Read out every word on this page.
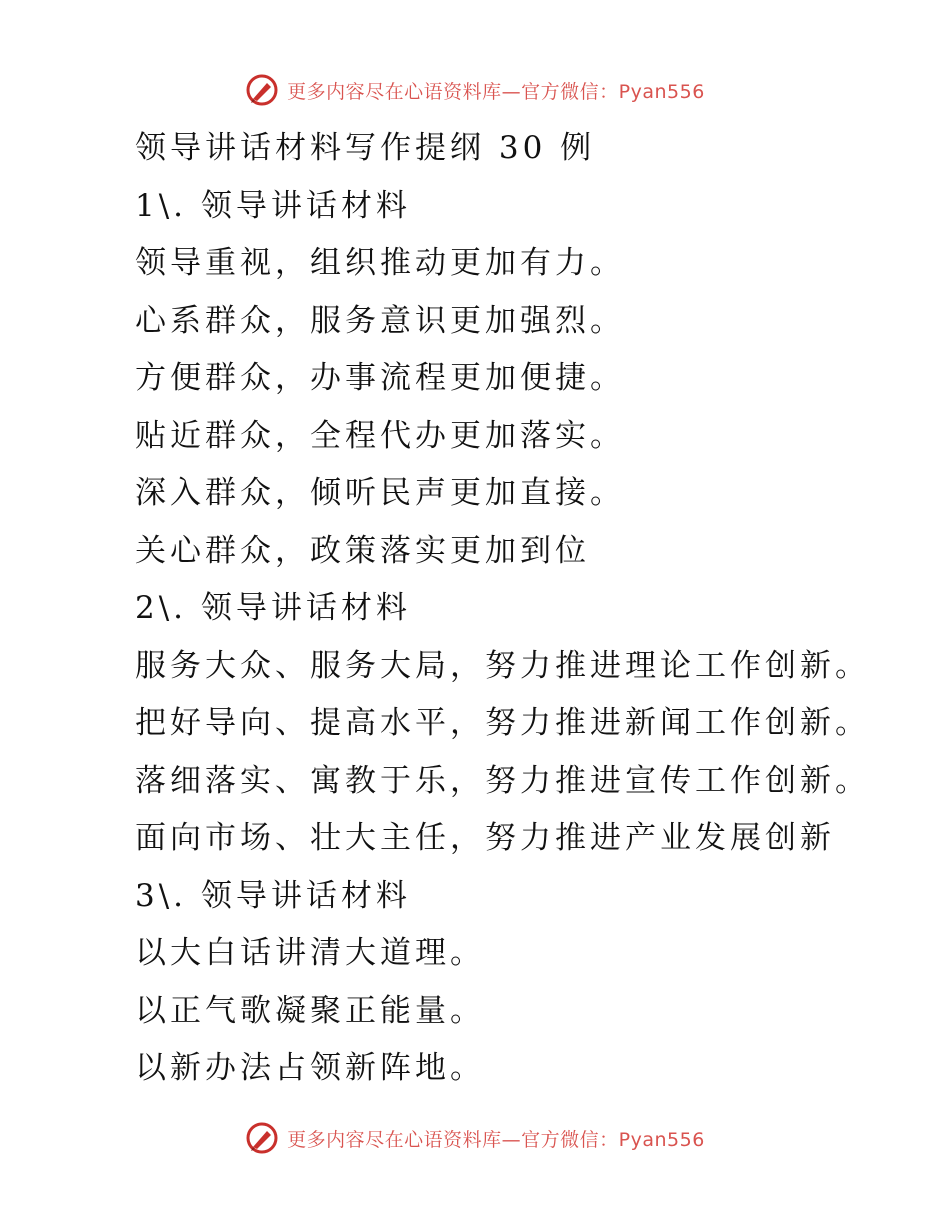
更多内容尽在心语资料库—官方微信：Pyan556
领导讲话材料写作提纲 30 例
1\. 领导讲话材料
领导重视，组织推动更加有力。
心系群众，服务意识更加强烈。
方便群众，办事流程更加便捷。
贴近群众，全程代办更加落实。
深入群众，倾听民声更加直接。
关心群众，政策落实更加到位
2\. 领导讲话材料
服务大众、服务大局，努力推进理论工作创新。
把好导向、提高水平，努力推进新闻工作创新。
落细落实、寓教于乐，努力推进宣传工作创新。
面向市场、壮大主任，努力推进产业发展创新
3\. 领导讲话材料
以大白话讲清大道理。
以正气歌凝聚正能量。
以新办法占领新阵地。
更多内容尽在心语资料库—官方微信：Pyan556
